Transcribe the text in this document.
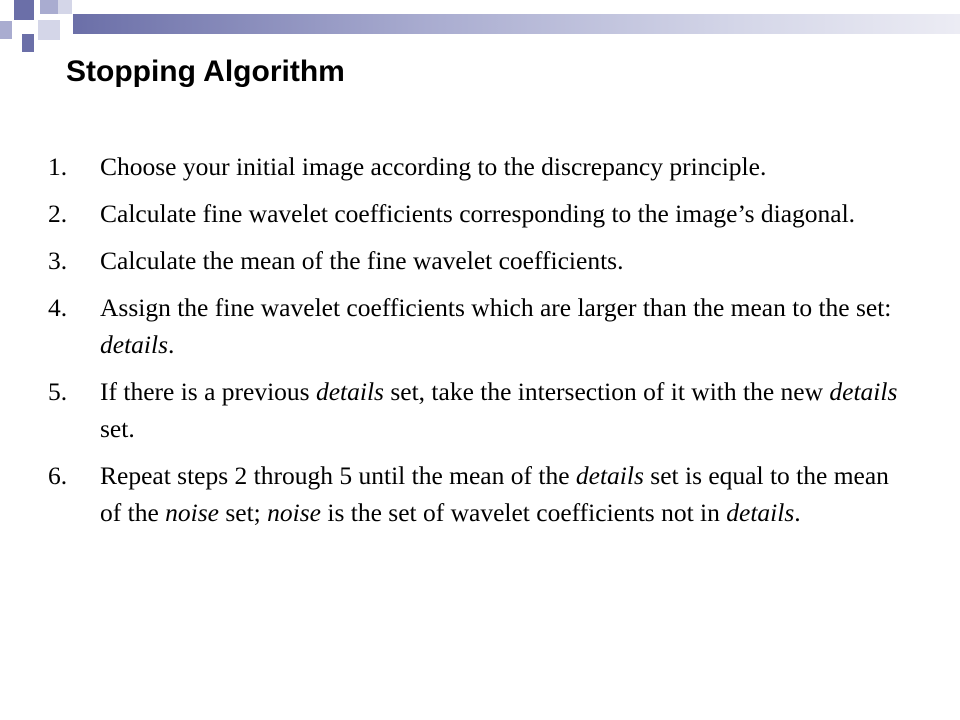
Stopping Algorithm
1. Choose your initial image according to the discrepancy principle.
2. Calculate fine wavelet coefficients corresponding to the image’s diagonal.
3. Calculate the mean of the fine wavelet coefficients.
4. Assign the fine wavelet coefficients which are larger than the mean to the set: details.
5. If there is a previous details set, take the intersection of it with the new details set.
6. Repeat steps 2 through 5 until the mean of the details set is equal to the mean of the noise set; noise is the set of wavelet coefficients not in details.
